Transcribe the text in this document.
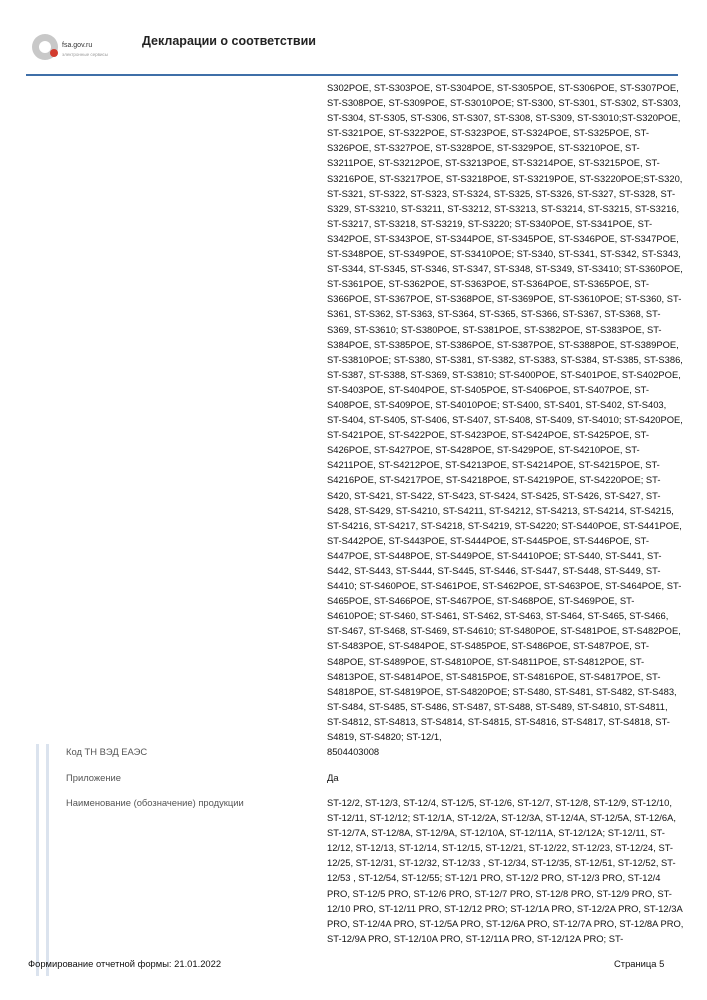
fsa.gov.ru
электронные сервисы
Декларации о соответствии
S302POE, ST-S303POE, ST-S304POE, ST-S305POE, ST-S306POE, ST-S307POE, ST-S308POE, ST-S309POE, ST-S3010POE; ST-S300, ST-S301, ST-S302, ST-S303, ST-S304, ST-S305, ST-S306, ST-S307, ST-S308, ST-S309, ST-S3010;ST-S320POE, ST-S321POE, ST-S322POE, ST-S323POE, ST-S324POE, ST-S325POE, ST-S326POE, ST-S327POE, ST-S328POE, ST-S329POE, ST-S3210POE, ST-S3211POE, ST-S3212POE, ST-S3213POE, ST-S3214POE, ST-S3215POE, ST-S3216POE, ST-S3217POE, ST-S3218POE, ST-S3219POE, ST-S3220POE;ST-S320, ST-S321, ST-S322, ST-S323, ST-S324, ST-S325, ST-S326, ST-S327, ST-S328, ST-S329, ST-S3210, ST-S3211, ST-S3212, ST-S3213, ST-S3214, ST-S3215, ST-S3216, ST-S3217, ST-S3218, ST-S3219, ST-S3220; ST-S340POE, ST-S341POE, ST-S342POE, ST-S343POE, ST-S344POE, ST-S345POE, ST-S346POE, ST-S347POE, ST-S348POE, ST-S349POE, ST-S3410POE; ST-S340, ST-S341, ST-S342, ST-S343, ST-S344, ST-S345, ST-S346, ST-S347, ST-S348, ST-S349, ST-S3410; ST-S360POE, ST-S361POE, ST-S362POE, ST-S363POE, ST-S364POE, ST-S365POE, ST-S366POE, ST-S367POE, ST-S368POE, ST-S369POE, ST-S3610POE; ST-S360, ST-S361, ST-S362, ST-S363, ST-S364, ST-S365, ST-S366, ST-S367, ST-S368, ST-S369, ST-S3610; ST-S380POE, ST-S381POE, ST-S382POE, ST-S383POE, ST-S384POE, ST-S385POE, ST-S386POE, ST-S387POE, ST-S388POE, ST-S389POE, ST-S3810POE; ST-S380, ST-S381, ST-S382, ST-S383, ST-S384, ST-S385, ST-S386, ST-S387, ST-S388, ST-S369, ST-S3810; ST-S400POE, ST-S401POE, ST-S402POE, ST-S403POE, ST-S404POE, ST-S405POE, ST-S406POE, ST-S407POE, ST-S408POE, ST-S409POE, ST-S4010POE; ST-S400, ST-S401, ST-S402, ST-S403, ST-S404, ST-S405, ST-S406, ST-S407, ST-S408, ST-S409, ST-S4010; ST-S420POE, ST-S421POE, ST-S422POE, ST-S423POE, ST-S424POE, ST-S425POE, ST-S426POE, ST-S427POE, ST-S428POE, ST-S429POE, ST-S4210POE, ST-S4211POE, ST-S4212POE, ST-S4213POE, ST-S4214POE, ST-S4215POE, ST-S4216POE, ST-S4217POE, ST-S4218POE, ST-S4219POE, ST-S4220POE; ST-S420, ST-S421, ST-S422, ST-S423, ST-S424, ST-S425, ST-S426, ST-S427, ST-S428, ST-S429, ST-S4210, ST-S4211, ST-S4212, ST-S4213, ST-S4214, ST-S4215, ST-S4216, ST-S4217, ST-S4218, ST-S4219, ST-S4220; ST-S440POE, ST-S441POE, ST-S442POE, ST-S443POE, ST-S444POE, ST-S445POE, ST-S446POE, ST-S447POE, ST-S448POE, ST-S449POE, ST-S4410POE; ST-S440, ST-S441, ST-S442, ST-S443, ST-S444, ST-S445, ST-S446, ST-S447, ST-S448, ST-S449, ST-S4410; ST-S460POE, ST-S461POE, ST-S462POE, ST-S463POE, ST-S464POE, ST-S465POE, ST-S466POE, ST-S467POE, ST-S468POE, ST-S469POE, ST-S4610POE; ST-S460, ST-S461, ST-S462, ST-S463, ST-S464, ST-S465, ST-S466, ST-S467, ST-S468, ST-S469, ST-S4610; ST-S480POE, ST-S481POE, ST-S482POE, ST-S483POE, ST-S484POE, ST-S485POE, ST-S486POE, ST-S487POE, ST-S48POE, ST-S489POE, ST-S4810POE, ST-S4811POE, ST-S4812POE, ST-S4813POE, ST-S4814POE, ST-S4815POE, ST-S4816POE, ST-S4817POE, ST-S4818POE, ST-S4819POE, ST-S4820POE; ST-S480, ST-S481, ST-S482, ST-S483, ST-S484, ST-S485, ST-S486, ST-S487, ST-S488, ST-S489, ST-S4810, ST-S4811, ST-S4812, ST-S4813, ST-S4814, ST-S4815, ST-S4816, ST-S4817, ST-S4818, ST-S4819, ST-S4820; ST-12/1,
Код ТН ВЭД ЕАЭС	8504403008
Приложение	Да
Наименование (обозначение) продукции	ST-12/2, ST-12/3, ST-12/4, ST-12/5, ST-12/6, ST-12/7, ST-12/8, ST-12/9, ST-12/10, ST-12/11, ST-12/12; ST-12/1A, ST-12/2A, ST-12/3A, ST-12/4A, ST-12/5A, ST-12/6A, ST-12/7A, ST-12/8A, ST-12/9A, ST-12/10A, ST-12/11A, ST-12/12A; ST-12/11, ST-12/12, ST-12/13, ST-12/14, ST-12/15, ST-12/21, ST-12/22, ST-12/23, ST-12/24, ST-12/25, ST-12/31, ST-12/32, ST-12/33 , ST-12/34, ST-12/35, ST-12/51, ST-12/52, ST-12/53 , ST-12/54, ST-12/55; ST-12/1 PRO, ST-12/2 PRO, ST-12/3 PRO, ST-12/4 PRO, ST-12/5 PRO, ST-12/6 PRO, ST-12/7 PRO, ST-12/8 PRO, ST-12/9 PRO, ST-12/10 PRO, ST-12/11 PRO, ST-12/12 PRO; ST-12/1A PRO, ST-12/2A PRO, ST-12/3A PRO, ST-12/4A PRO, ST-12/5A PRO, ST-12/6A PRO, ST-12/7A PRO, ST-12/8A PRO, ST-12/9A PRO, ST-12/10A PRO, ST-12/11A PRO, ST-12/12A PRO; ST-
Формирование отчетной формы: 21.01.2022	Страница 5
